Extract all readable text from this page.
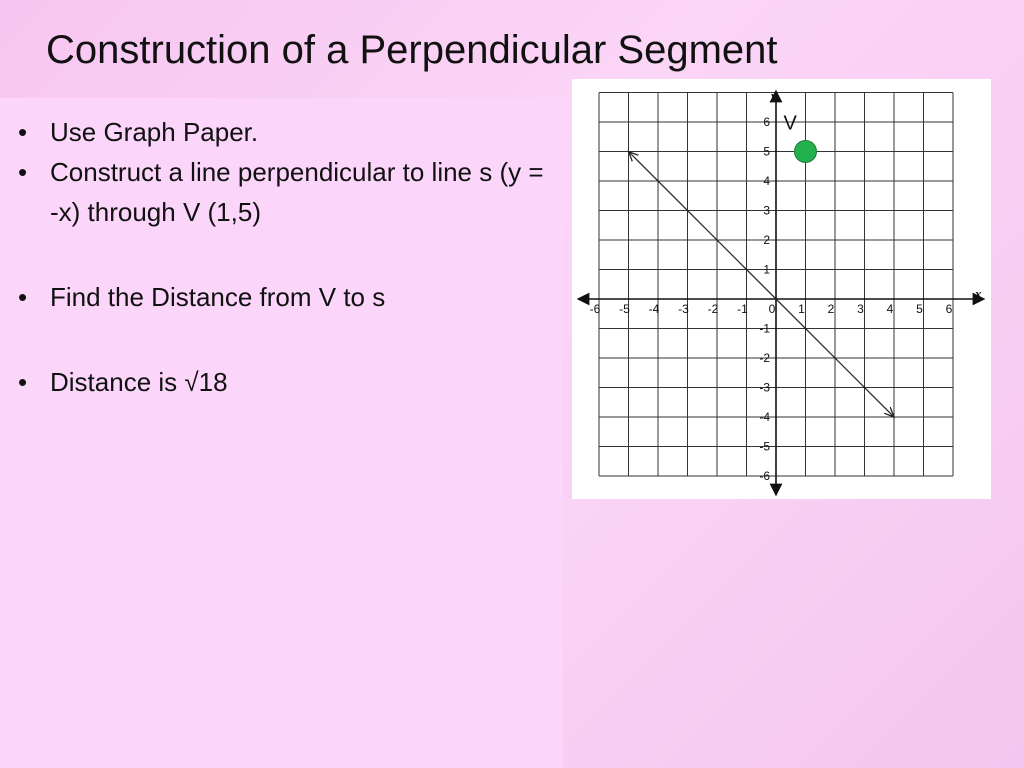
Construction of a Perpendicular Segment
• Use Graph Paper.
• Construct a line perpendicular to line s (y = -x) through V (1,5)
• Find the Distance from V to s
• Distance is √18
x
y
-6 -5 -4 -3 -2 -1 0 1 2 3 4 5 6
6
5
4
3
2
1
-1
-2
-3
-4
-5
-6
V
